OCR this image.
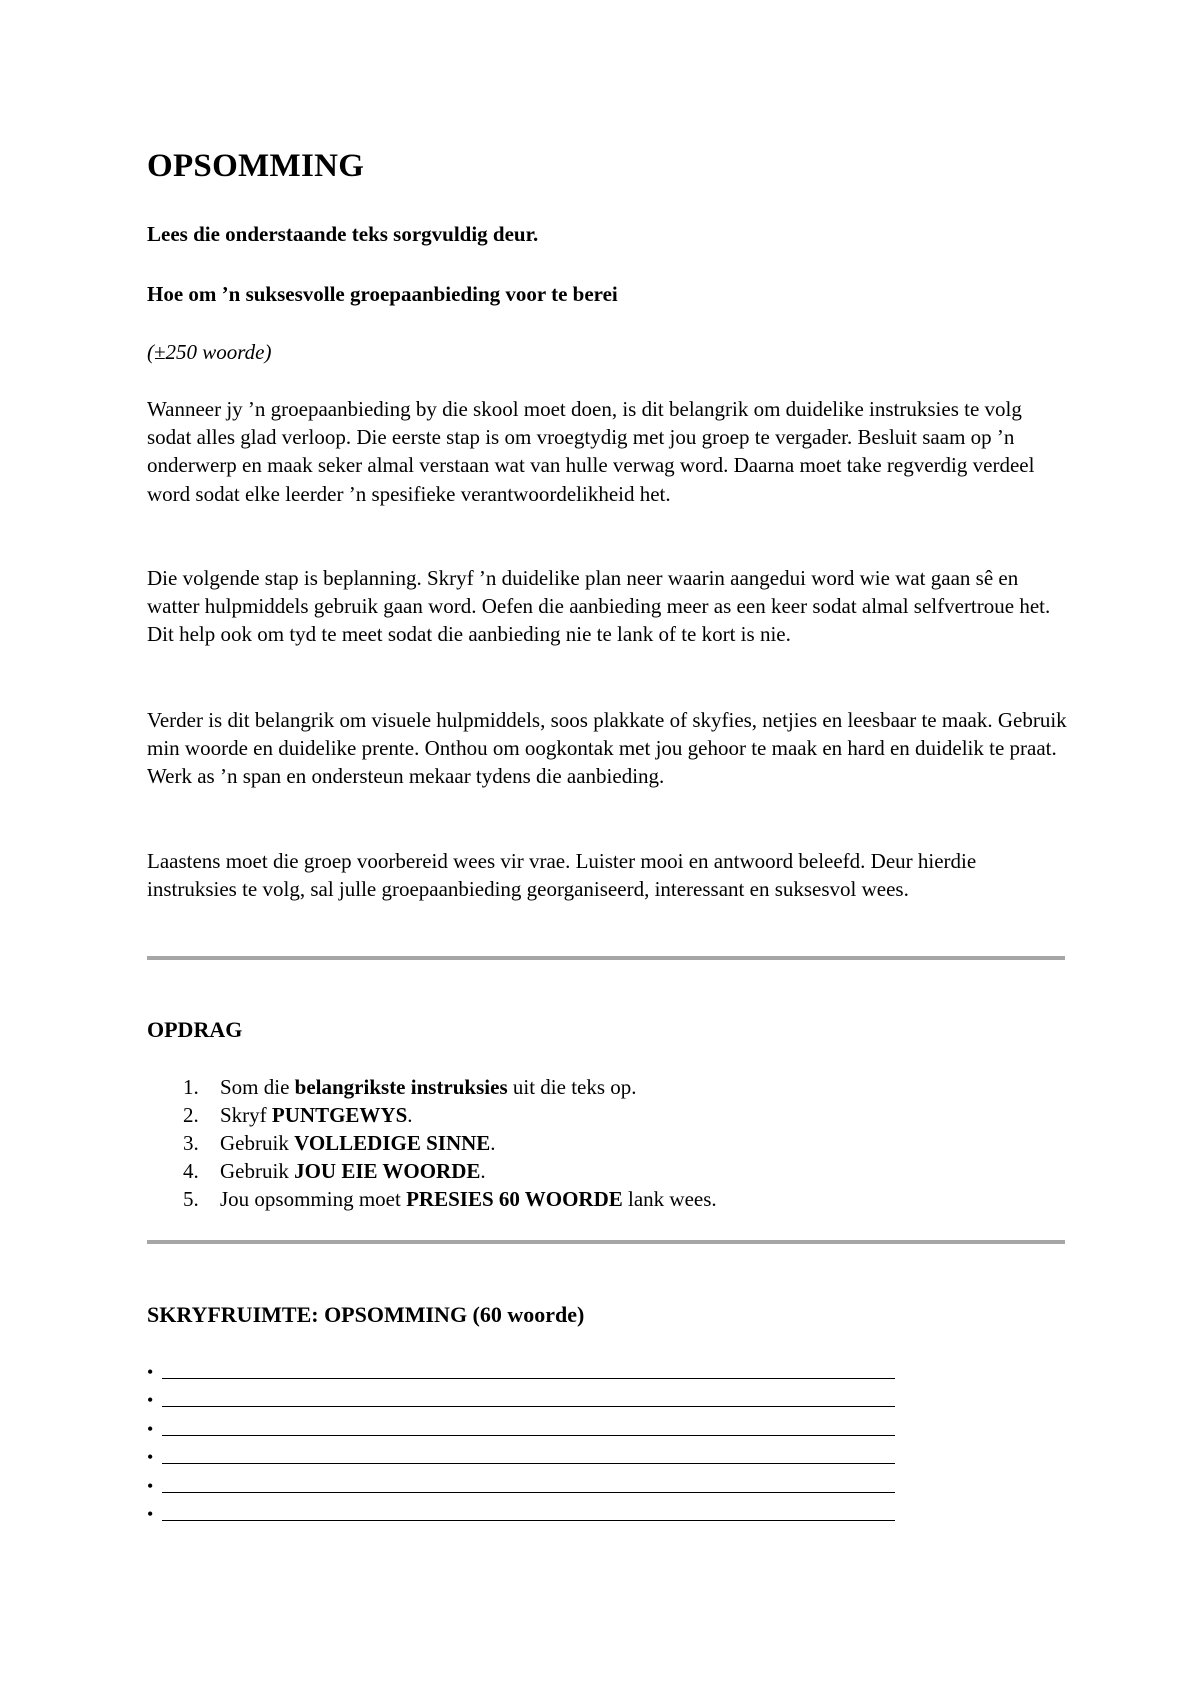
OPSOMMING

Lees die onderstaande teks sorgvuldig deur.

Hoe om ’n suksesvolle groepaanbieding voor te berei

(±250 woorde)

Wanneer jy ’n groepaanbieding by die skool moet doen, is dit belangrik om duidelike instruksies te volg sodat alles glad verloop. Die eerste stap is om vroegtydig met jou groep te vergader. Besluit saam op ’n onderwerp en maak seker almal verstaan wat van hulle verwag word. Daarna moet take regverdig verdeel word sodat elke leerder ’n spesifieke verantwoordelikheid het.

Die volgende stap is beplanning. Skryf ’n duidelike plan neer waarin aangedui word wie wat gaan sê en watter hulpmiddels gebruik gaan word. Oefen die aanbieding meer as een keer sodat almal selfvertroue het. Dit help ook om tyd te meet sodat die aanbieding nie te lank of te kort is nie.

Verder is dit belangrik om visuele hulpmiddels, soos plakkate of skyfies, netjies en leesbaar te maak. Gebruik min woorde en duidelike prente. Onthou om oogkontak met jou gehoor te maak en hard en duidelik te praat. Werk as ’n span en ondersteun mekaar tydens die aanbieding.

Laastens moet die groep voorbereid wees vir vrae. Luister mooi en antwoord beleefd. Deur hierdie instruksies te volg, sal julle groepaanbieding georganiseerd, interessant en suksesvol wees.

OPDRAG
1. Som die belangrikste instruksies uit die teks op.
2. Skryf PUNTGEWYS.
3. Gebruik VOLLEDIGE SINNE.
4. Gebruik JOU EIE WOORDE.
5. Jou opsomming moet PRESIES 60 WOORDE lank wees.
SKRYFRUIMTE: OPSOMMING (60 woorde)
•
•
•
•
•
•
